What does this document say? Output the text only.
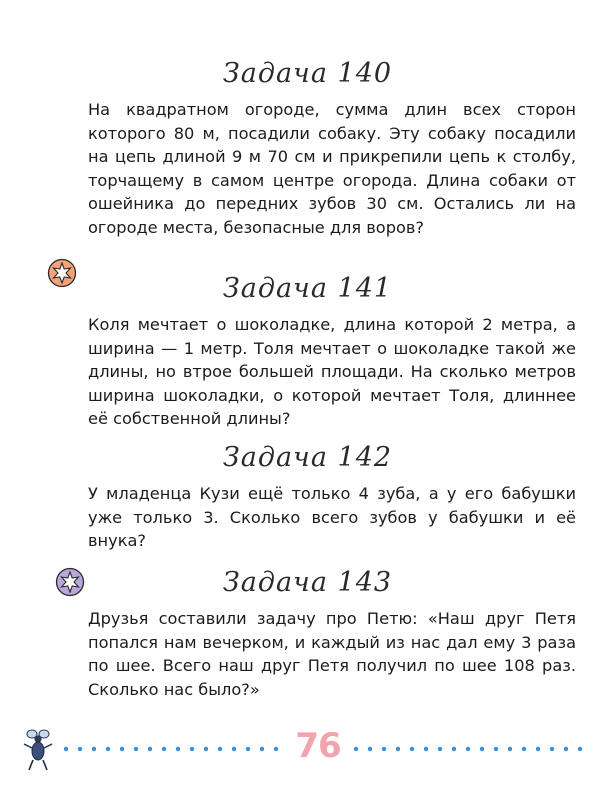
Задача 140
На квадратном огороде, сумма длин всех сторон которого 80 м, посадили собаку. Эту собаку посадили на цепь длиной 9 м 70 см и прикрепили цепь к столбу, торчащему в самом центре огорода. Длина собаки от ошейника до передних зубов 30 см. Остались ли на огороде места, безопасные для воров?
Задача 141
Коля мечтает о шоколадке, длина которой 2 метра, а ширина — 1 метр. Толя мечтает о шоколадке такой же длины, но втрое большей площади. На сколько метров ширина шоколадки, о которой мечтает Толя, длиннее её собственной длины?
Задача 142
У младенца Кузи ещё только 4 зуба, а у его бабушки уже только 3. Сколько всего зубов у бабушки и её внука?
Задача 143
Друзья составили задачу про Петю: «Наш друг Петя попался нам вечерком, и каждый из нас дал ему 3 раза по шее. Всего наш друг Петя получил по шее 108 раз. Сколько нас было?»
76
